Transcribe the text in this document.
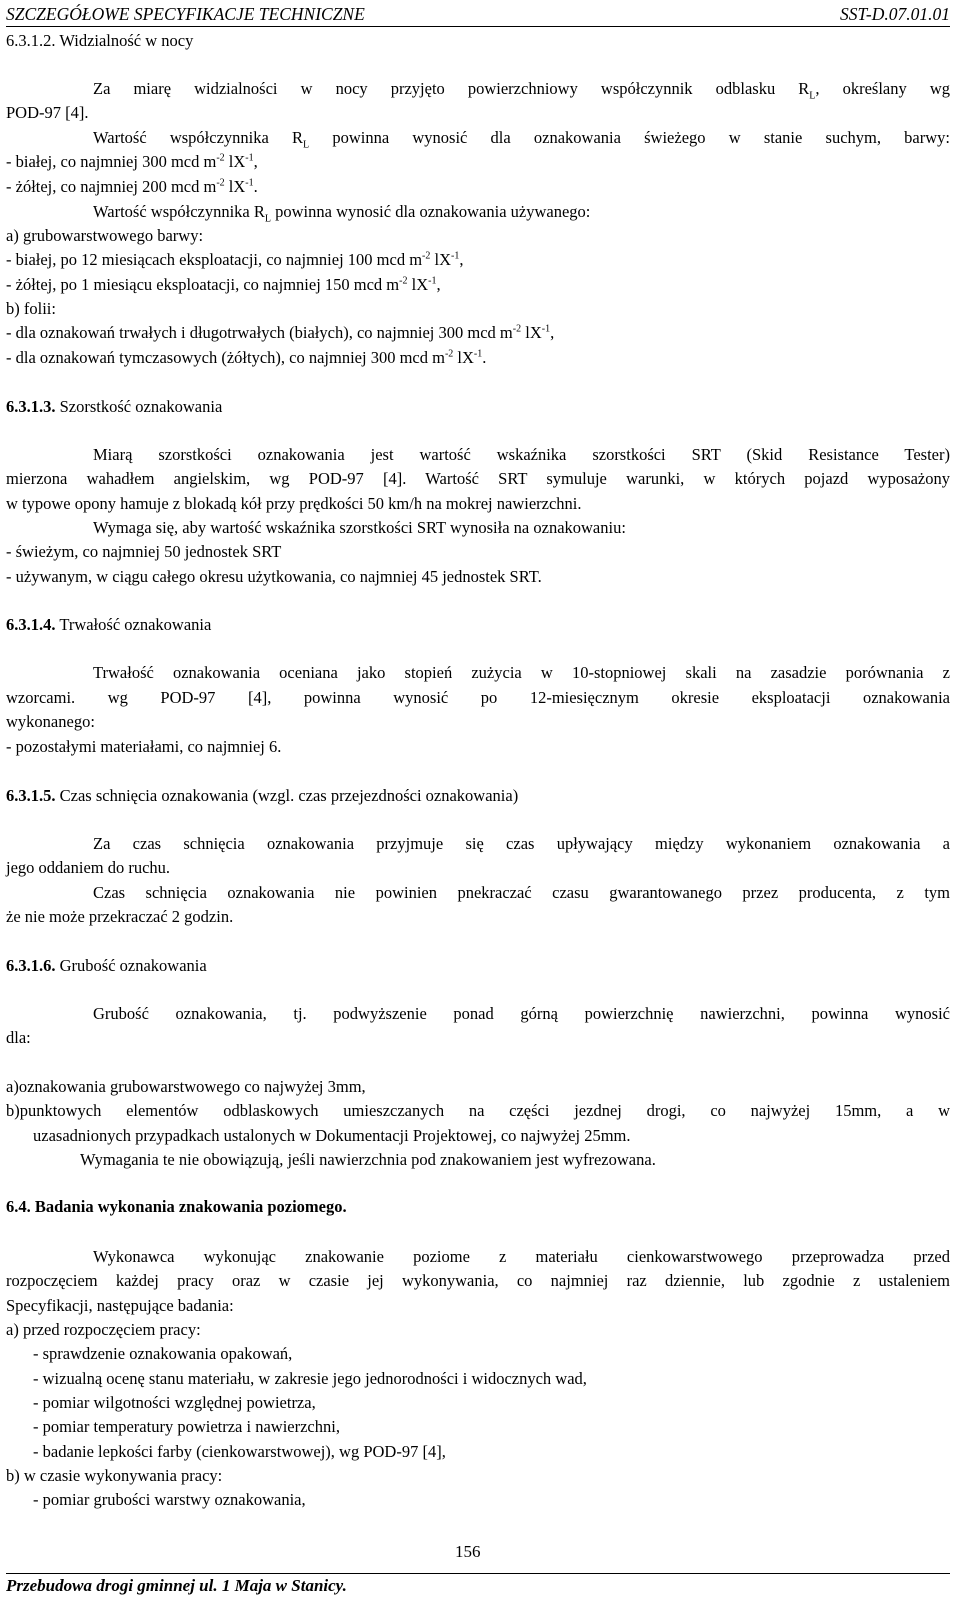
SZCZEGÓŁOWE SPECYFIKACJE TECHNICZNE	SST-D.07.01.01
6.3.1.2. Widzialność w nocy
Za miarę widzialności w nocy przyjęto powierzchniowy współczynnik odblasku $R_L$, określany wg
POD-97 [4].
Wartość współczynnika $R_L$ powinna wynosić dla oznakowania świeżego w stanie suchym, barwy:
- białej, co najmniej 300 mcd $m^{-2}$ $lX^{-1}$,
- żółtej, co najmniej 200 mcd $m^{-2}$ $lX^{-1}$.
Wartość współczynnika $R_L$ powinna wynosić dla oznakowania używanego:
a) grubowarstwowego barwy:
- białej, po 12 miesiącach eksploatacji, co najmniej 100 mcd $m^{-2}$ $lX^{-1}$,
- żółtej, po 1 miesiącu eksploatacji, co najmniej 150 mcd $m^{-2}$ $lX^{-1}$,
b) folii:
- dla oznakowań trwałych i długotrwałych (białych), co najmniej 300 mcd $m^{-2}$ $lX^{-1}$,
- dla oznakowań tymczasowych (żółtych), co najmniej 300 mcd $m^{-2}$ $lX^{-1}$.
6.3.1.3. Szorstkość oznakowania
Miarą szorstkości oznakowania jest wartość wskaźnika szorstkości SRT (Skid Resistance Tester)
mierzona wahadłem angielskim, wg POD-97 [4]. Wartość SRT symuluje warunki, w których pojazd wyposażony
w typowe opony hamuje z blokadą kół przy prędkości 50 km/h na mokrej nawierzchni.
Wymaga się, aby wartość wskaźnika szorstkości SRT wynosiła na oznakowaniu:
- świeżym, co najmniej 50 jednostek SRT
- używanym, w ciągu całego okresu użytkowania, co najmniej 45 jednostek SRT.
6.3.1.4. Trwałość oznakowania
Trwałość oznakowania oceniana jako stopień zużycia w 10-stopniowej skali na zasadzie porównania z
wzorcami. wg POD-97 [4], powinna wynosić po 12-miesięcznym okresie eksploatacji oznakowania
wykonanego:
- pozostałymi materiałami, co najmniej 6.
6.3.1.5. Czas schnięcia oznakowania (wzgl. czas przejezdności oznakowania)
Za czas schnięcia oznakowania przyjmuje się czas upływający między wykonaniem oznakowania a
jego oddaniem do ruchu.
Czas schnięcia oznakowania nie powinien pnekraczać czasu gwarantowanego przez producenta, z tym
że nie może przekraczać 2 godzin.
6.3.1.6. Grubość oznakowania
Grubość oznakowania, tj. podwyższenie ponad górną powierzchnię nawierzchni, powinna wynosić
dla:
a)oznakowania grubowarstwowego co najwyżej 3mm,
b)punktowych elementów odblaskowych umieszczanych na części jezdnej drogi, co najwyżej 15mm, a w
uzasadnionych przypadkach ustalonych w Dokumentacji Projektowej, co najwyżej 25mm.
Wymagania te nie obowiązują, jeśli nawierzchnia pod znakowaniem jest wyfrezowana.
6.4. Badania wykonania znakowania poziomego.
Wykonawca wykonując znakowanie poziome z materiału cienkowarstwowego przeprowadza przed
rozpoczęciem każdej pracy oraz w czasie jej wykonywania, co najmniej raz dziennie, lub zgodnie z ustaleniem
Specyfikacji, następujące badania:
a) przed rozpoczęciem pracy:
- sprawdzenie oznakowania opakowań,
- wizualną ocenę stanu materiału, w zakresie jego jednorodności i widocznych wad,
- pomiar wilgotności względnej powietrza,
- pomiar temperatury powietrza i nawierzchni,
- badanie lepkości farby (cienkowarstwowej), wg POD-97 [4],
b) w czasie wykonywania pracy:
- pomiar grubości warstwy oznakowania,
156
Przebudowa drogi gminnej ul. 1 Maja w Stanicy.
